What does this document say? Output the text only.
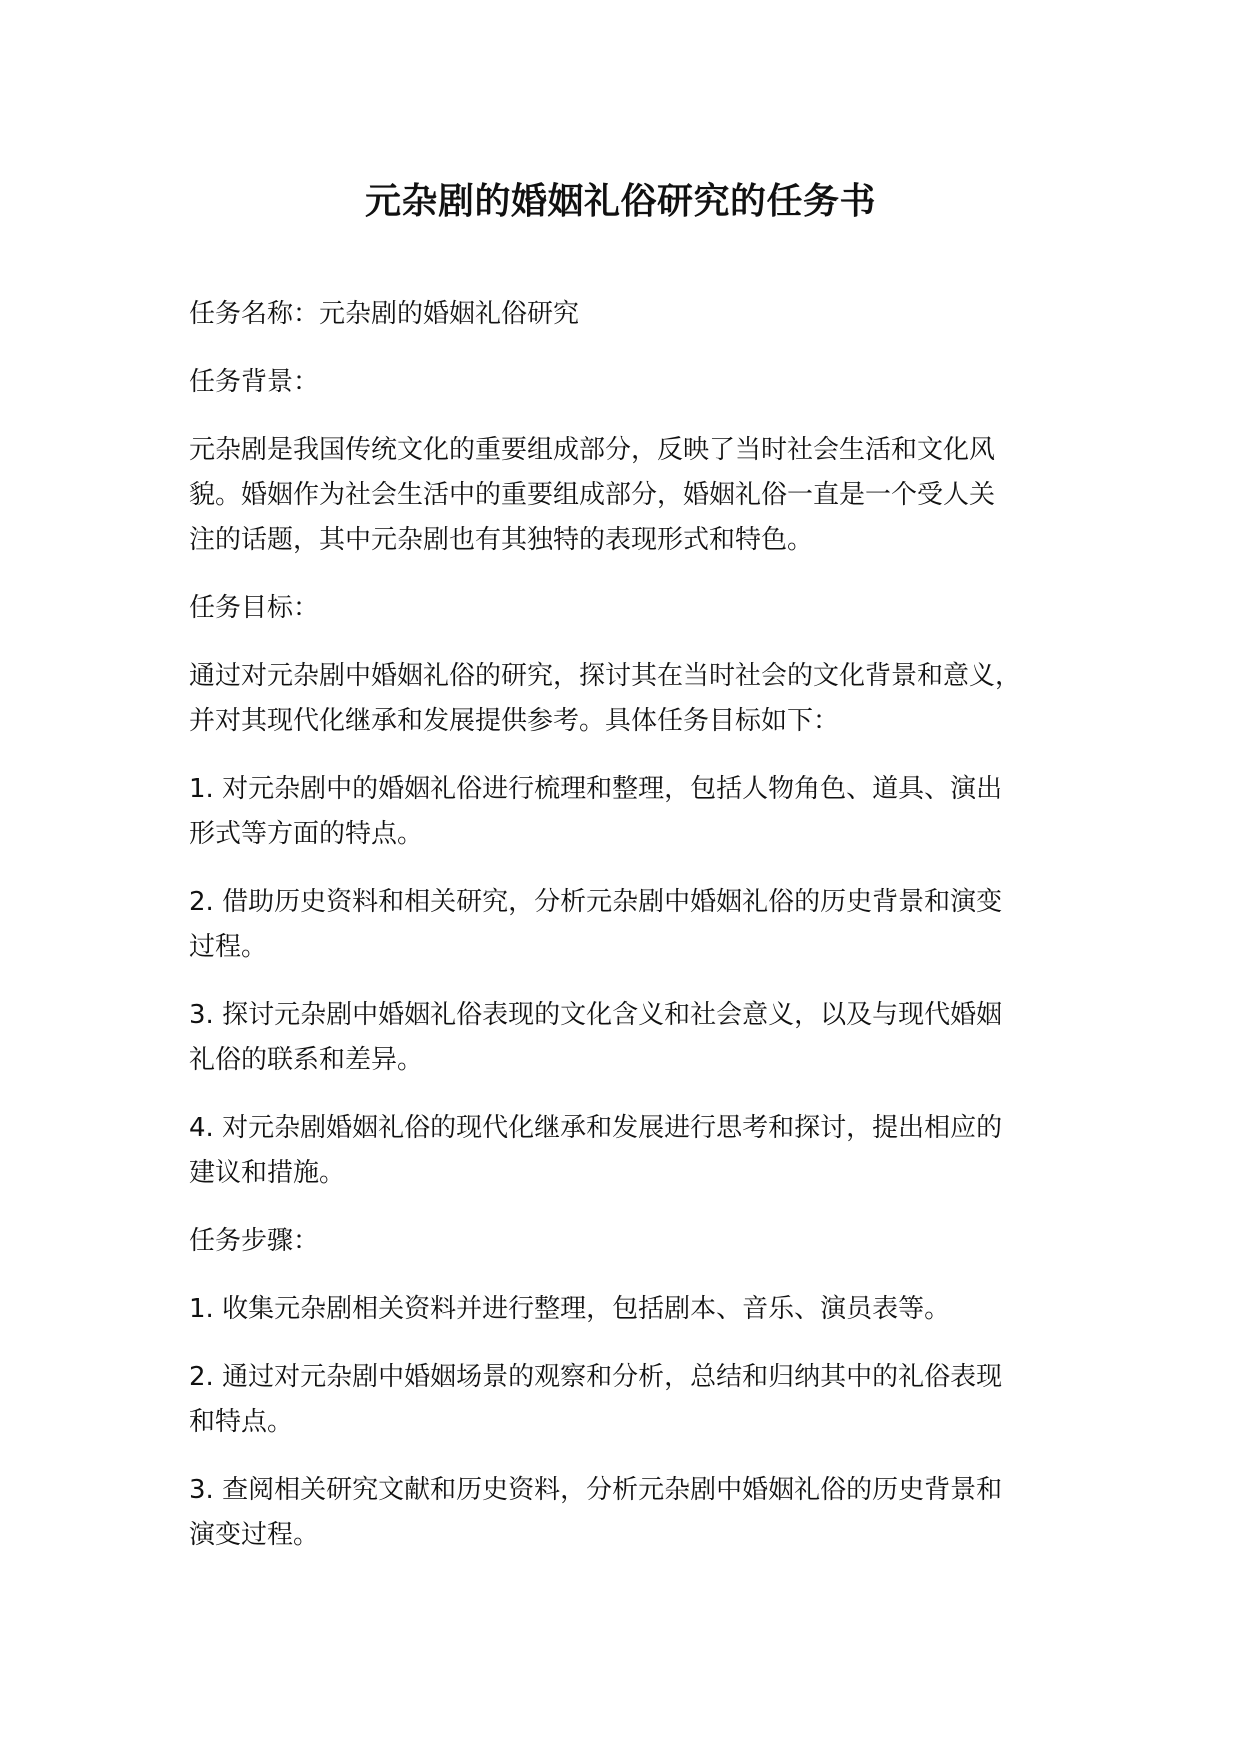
元杂剧的婚姻礼俗研究的任务书

任务名称：元杂剧的婚姻礼俗研究

任务背景：

元杂剧是我国传统文化的重要组成部分，反映了当时社会生活和文化风
貌。婚姻作为社会生活中的重要组成部分，婚姻礼俗一直是一个受人关
注的话题，其中元杂剧也有其独特的表现形式和特色。

任务目标：

通过对元杂剧中婚姻礼俗的研究，探讨其在当时社会的文化背景和意义，
并对其现代化继承和发展提供参考。具体任务目标如下：

1. 对元杂剧中的婚姻礼俗进行梳理和整理，包括人物角色、道具、演出
形式等方面的特点。

2. 借助历史资料和相关研究，分析元杂剧中婚姻礼俗的历史背景和演变
过程。

3. 探讨元杂剧中婚姻礼俗表现的文化含义和社会意义，以及与现代婚姻
礼俗的联系和差异。

4. 对元杂剧婚姻礼俗的现代化继承和发展进行思考和探讨，提出相应的
建议和措施。

任务步骤：

1. 收集元杂剧相关资料并进行整理，包括剧本、音乐、演员表等。

2. 通过对元杂剧中婚姻场景的观察和分析，总结和归纳其中的礼俗表现
和特点。

3. 查阅相关研究文献和历史资料，分析元杂剧中婚姻礼俗的历史背景和
演变过程。
